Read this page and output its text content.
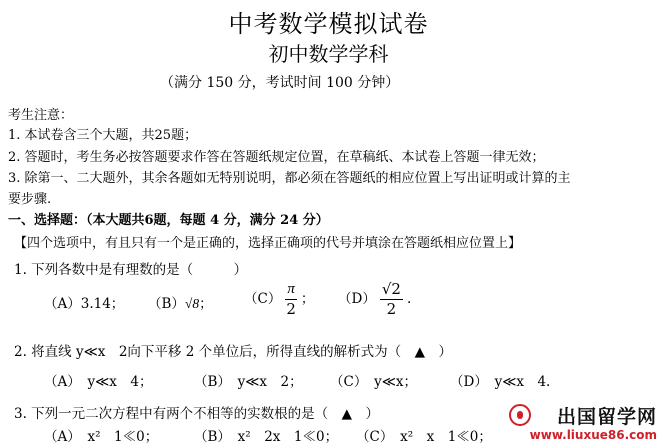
中考数学模拟试卷
初中数学学科
（满分 150 分，考试时间 100 分钟）
考生注意：
1. 本试卷含三个大题，共25题；
2. 答题时，考生务必按答题要求作答在答题纸规定位置，在草稿纸、本试卷上答题一律无效；
3. 除第一、二大题外，其余各题如无特别说明，都必须在答题纸的相应位置上写出证明或计算的主
要步骤.
一、选择题：（本大题共6题，每题 4 分，满分 24 分）
【四个选项中，有且只有一个是正确的，选择正确项的代号并填涂在答题纸相应位置上】
1. 下列各数中是有理数的是（　　　）
（A）3.14； （B）√8； $(C) \frac{\pi}{2}$ ； $(D) \frac{√2}{2}$ .
2. 将直线 y≪x　2向下平移 2 个单位后，所得直线的解析式为（　▲　）
（A）　y≪x　4；	（B）　y≪x　2； （C）　y≪x； （D）　y≪x　4.
3. 下列一元二次方程中有两个不相等的实数根的是（　▲　）
（A）　x²　1≪0；	（B）　x²　2x　1≪0； （C）　x²　x　1≪0；
出国留学网
www.liuxue86.com
